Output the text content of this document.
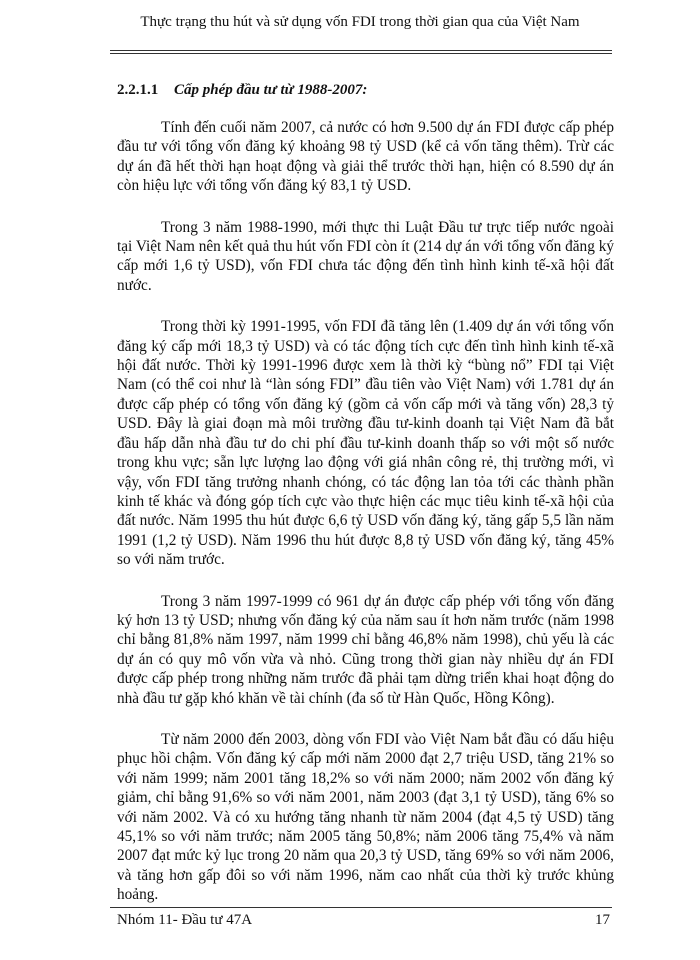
Thực trạng thu hút và sử dụng vốn FDI trong thời gian qua của Việt Nam
2.2.1.1 Cấp phép đầu tư từ 1988-2007:

Tính đến cuối năm 2007, cả nước có hơn 9.500 dự án FDI được cấp phép đầu tư với tổng vốn đăng ký khoảng 98 tỷ USD (kể cả vốn tăng thêm). Trừ các dự án đã hết thời hạn hoạt động và giải thể trước thời hạn, hiện có 8.590 dự án còn hiệu lực với tổng vốn đăng ký 83,1 tỷ USD.

Trong 3 năm 1988-1990, mới thực thi Luật Đầu tư trực tiếp nước ngoài tại Việt Nam nên kết quả thu hút vốn FDI còn ít (214 dự án với tổng vốn đăng ký cấp mới 1,6 tỷ USD), vốn FDI chưa tác động đến tình hình kinh tế-xã hội đất nước.

Trong thời kỳ 1991-1995, vốn FDI đã tăng lên (1.409 dự án với tổng vốn đăng ký cấp mới 18,3 tỷ USD) và có tác động tích cực đến tình hình kinh tế-xã hội đất nước. Thời kỳ 1991-1996 được xem là thời kỳ “bùng nổ” FDI tại Việt Nam (có thể coi như là “làn sóng FDI” đầu tiên vào Việt Nam) với 1.781 dự án được cấp phép có tổng vốn đăng ký (gồm cả vốn cấp mới và tăng vốn) 28,3 tỷ USD. Đây là giai đoạn mà môi trường đầu tư-kinh doanh tại Việt Nam đã bắt đầu hấp dẫn nhà đầu tư do chi phí đầu tư-kinh doanh thấp so với một số nước trong khu vực; sẵn lực lượng lao động với giá nhân công rẻ, thị trường mới, vì vậy, vốn FDI tăng trưởng nhanh chóng, có tác động lan tỏa tới các thành phần kinh tế khác và đóng góp tích cực vào thực hiện các mục tiêu kinh tế-xã hội của đất nước. Năm 1995 thu hút được 6,6 tỷ USD vốn đăng ký, tăng gấp 5,5 lần năm 1991 (1,2 tỷ USD). Năm 1996 thu hút được 8,8 tỷ USD vốn đăng ký, tăng 45% so với năm trước.

Trong 3 năm 1997-1999 có 961 dự án được cấp phép với tổng vốn đăng ký hơn 13 tỷ USD; nhưng vốn đăng ký của năm sau ít hơn năm trước (năm 1998 chỉ bằng 81,8% năm 1997, năm 1999 chỉ bằng 46,8% năm 1998), chủ yếu là các dự án có quy mô vốn vừa và nhỏ. Cũng trong thời gian này nhiều dự án FDI được cấp phép trong những năm trước đã phải tạm dừng triển khai hoạt động do nhà đầu tư gặp khó khăn về tài chính (đa số từ Hàn Quốc, Hồng Kông).

Từ năm 2000 đến 2003, dòng vốn FDI vào Việt Nam bắt đầu có dấu hiệu phục hồi chậm. Vốn đăng ký cấp mới năm 2000 đạt 2,7 triệu USD, tăng 21% so với năm 1999; năm 2001 tăng 18,2% so với năm 2000; năm 2002 vốn đăng ký giảm, chỉ bằng 91,6% so với năm 2001, năm 2003 (đạt 3,1 tỷ USD), tăng 6% so với năm 2002. Và có xu hướng tăng nhanh từ năm 2004 (đạt 4,5 tỷ USD) tăng 45,1% so với năm trước; năm 2005 tăng 50,8%; năm 2006 tăng 75,4% và năm 2007 đạt mức kỷ lục trong 20 năm qua 20,3 tỷ USD, tăng 69% so với năm 2006, và tăng hơn gấp đôi so với năm 1996, năm cao nhất của thời kỳ trước khủng hoảng.

Nhóm 11- Đầu tư 47A	17
